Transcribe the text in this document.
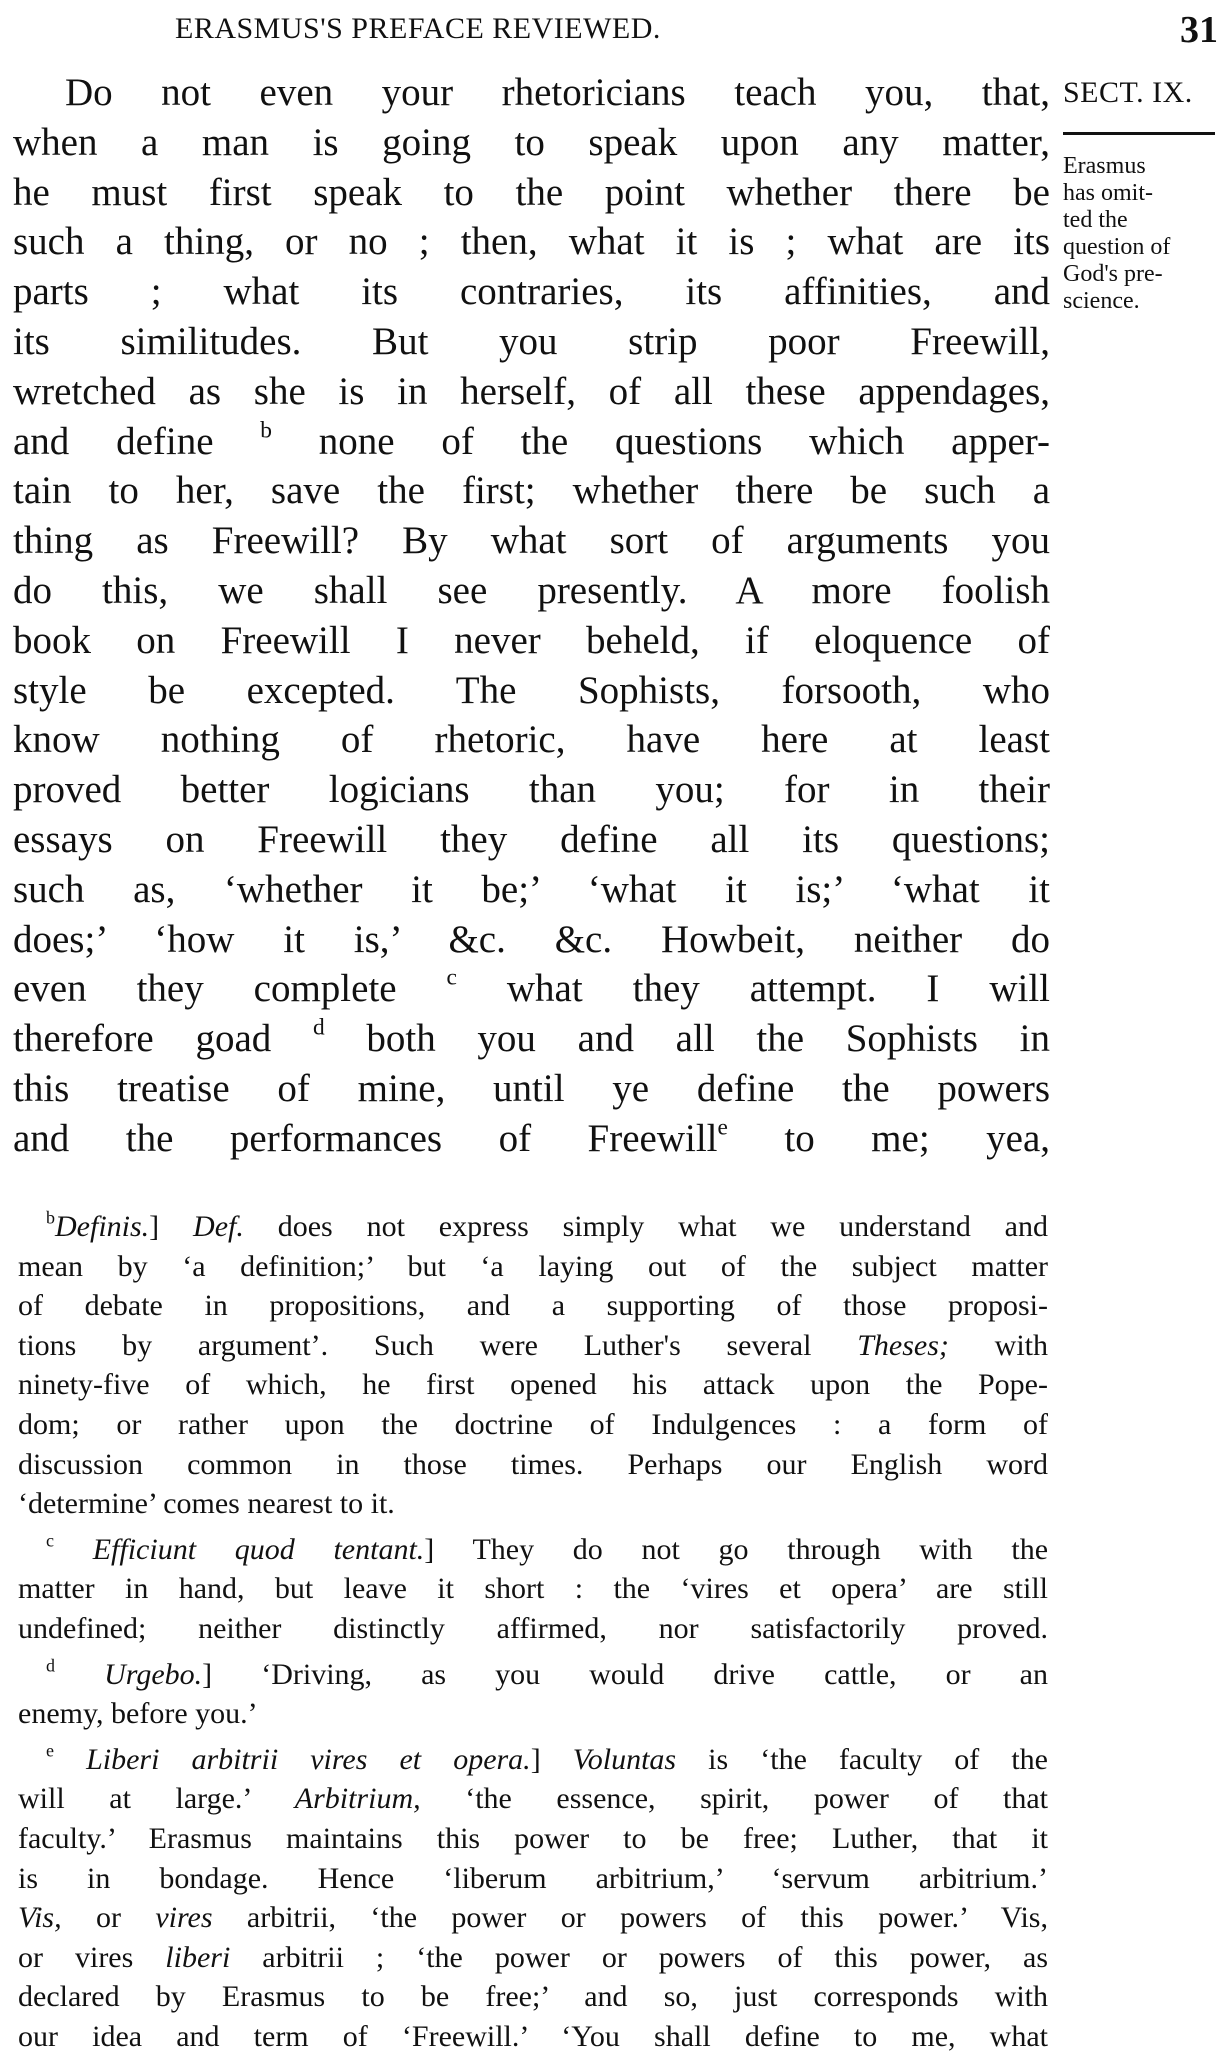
ERASMUS'S PREFACE REVIEWED.	31
Do not even your rhetoricians teach you, that,
when a man is going to speak upon any matter,
he must first speak to the point whether there be
such a thing, or no ; then, what it is ; what are its
parts ; what its contraries, its affinities, and
its similitudes. But you strip poor Freewill,
wretched as she is in herself, of all these appendages,
and define $^b$ none of the questions which apper-
tain to her, save the first; whether there be such a
thing as Freewill? By what sort of arguments you
do this, we shall see presently. A more foolish
book on Freewill I never beheld, if eloquence of
style be excepted. The Sophists, forsooth, who
know nothing of rhetoric, have here at least
proved better logicians than you; for in their
essays on Freewill they define all its questions;
such as, ‘whether it be;’ ‘what it is;’ ‘what it
does;’ ‘how it is,’ &c. &c. Howbeit, neither do
even they complete $^c$ what they attempt. I will
therefore goad $^d$ both you and all the Sophists in
this treatise of mine, until ye define the powers
and the performances of Freewill$^e$ to me; yea,
SECT. IX.
Erasmus
has omit-
ted the
question of
God's pre-
science.
$^b$Definis.] Def. does not express simply what we understand and
mean by ‘a definition;’ but ‘a laying out of the subject matter
of debate in propositions, and a supporting of those proposi-
tions by argument’. Such were Luther's several Theses; with
ninety-five of which, he first opened his attack upon the Pope-
dom; or rather upon the doctrine of Indulgences : a form of
discussion common in those times. Perhaps our English word
‘determine’ comes nearest to it.
$^c$ Efficiunt quod tentant.] They do not go through with the
matter in hand, but leave it short : the ‘vires et opera’ are still
undefined; neither distinctly affirmed, nor satisfactorily proved.
$^d$ Urgebo.] ‘Driving, as you would drive cattle, or an
enemy, before you.’
$^e$ Liberi arbitrii vires et opera.] Voluntas is ‘the faculty of the
will at large.’ Arbitrium, ‘the essence, spirit, power of that
faculty.’ Erasmus maintains this power to be free; Luther, that it
is in bondage. Hence ‘liberum arbitrium,’ ‘servum arbitrium.’
Vis, or vires arbitrii, ‘the power or powers of this power.’ Vis,
or vires liberi arbitrii ; ‘the power or powers of this power, as
declared by Erasmus to be free;’ and so, just corresponds with
our idea and term of ‘Freewill.’ ‘You shall define to me, what
